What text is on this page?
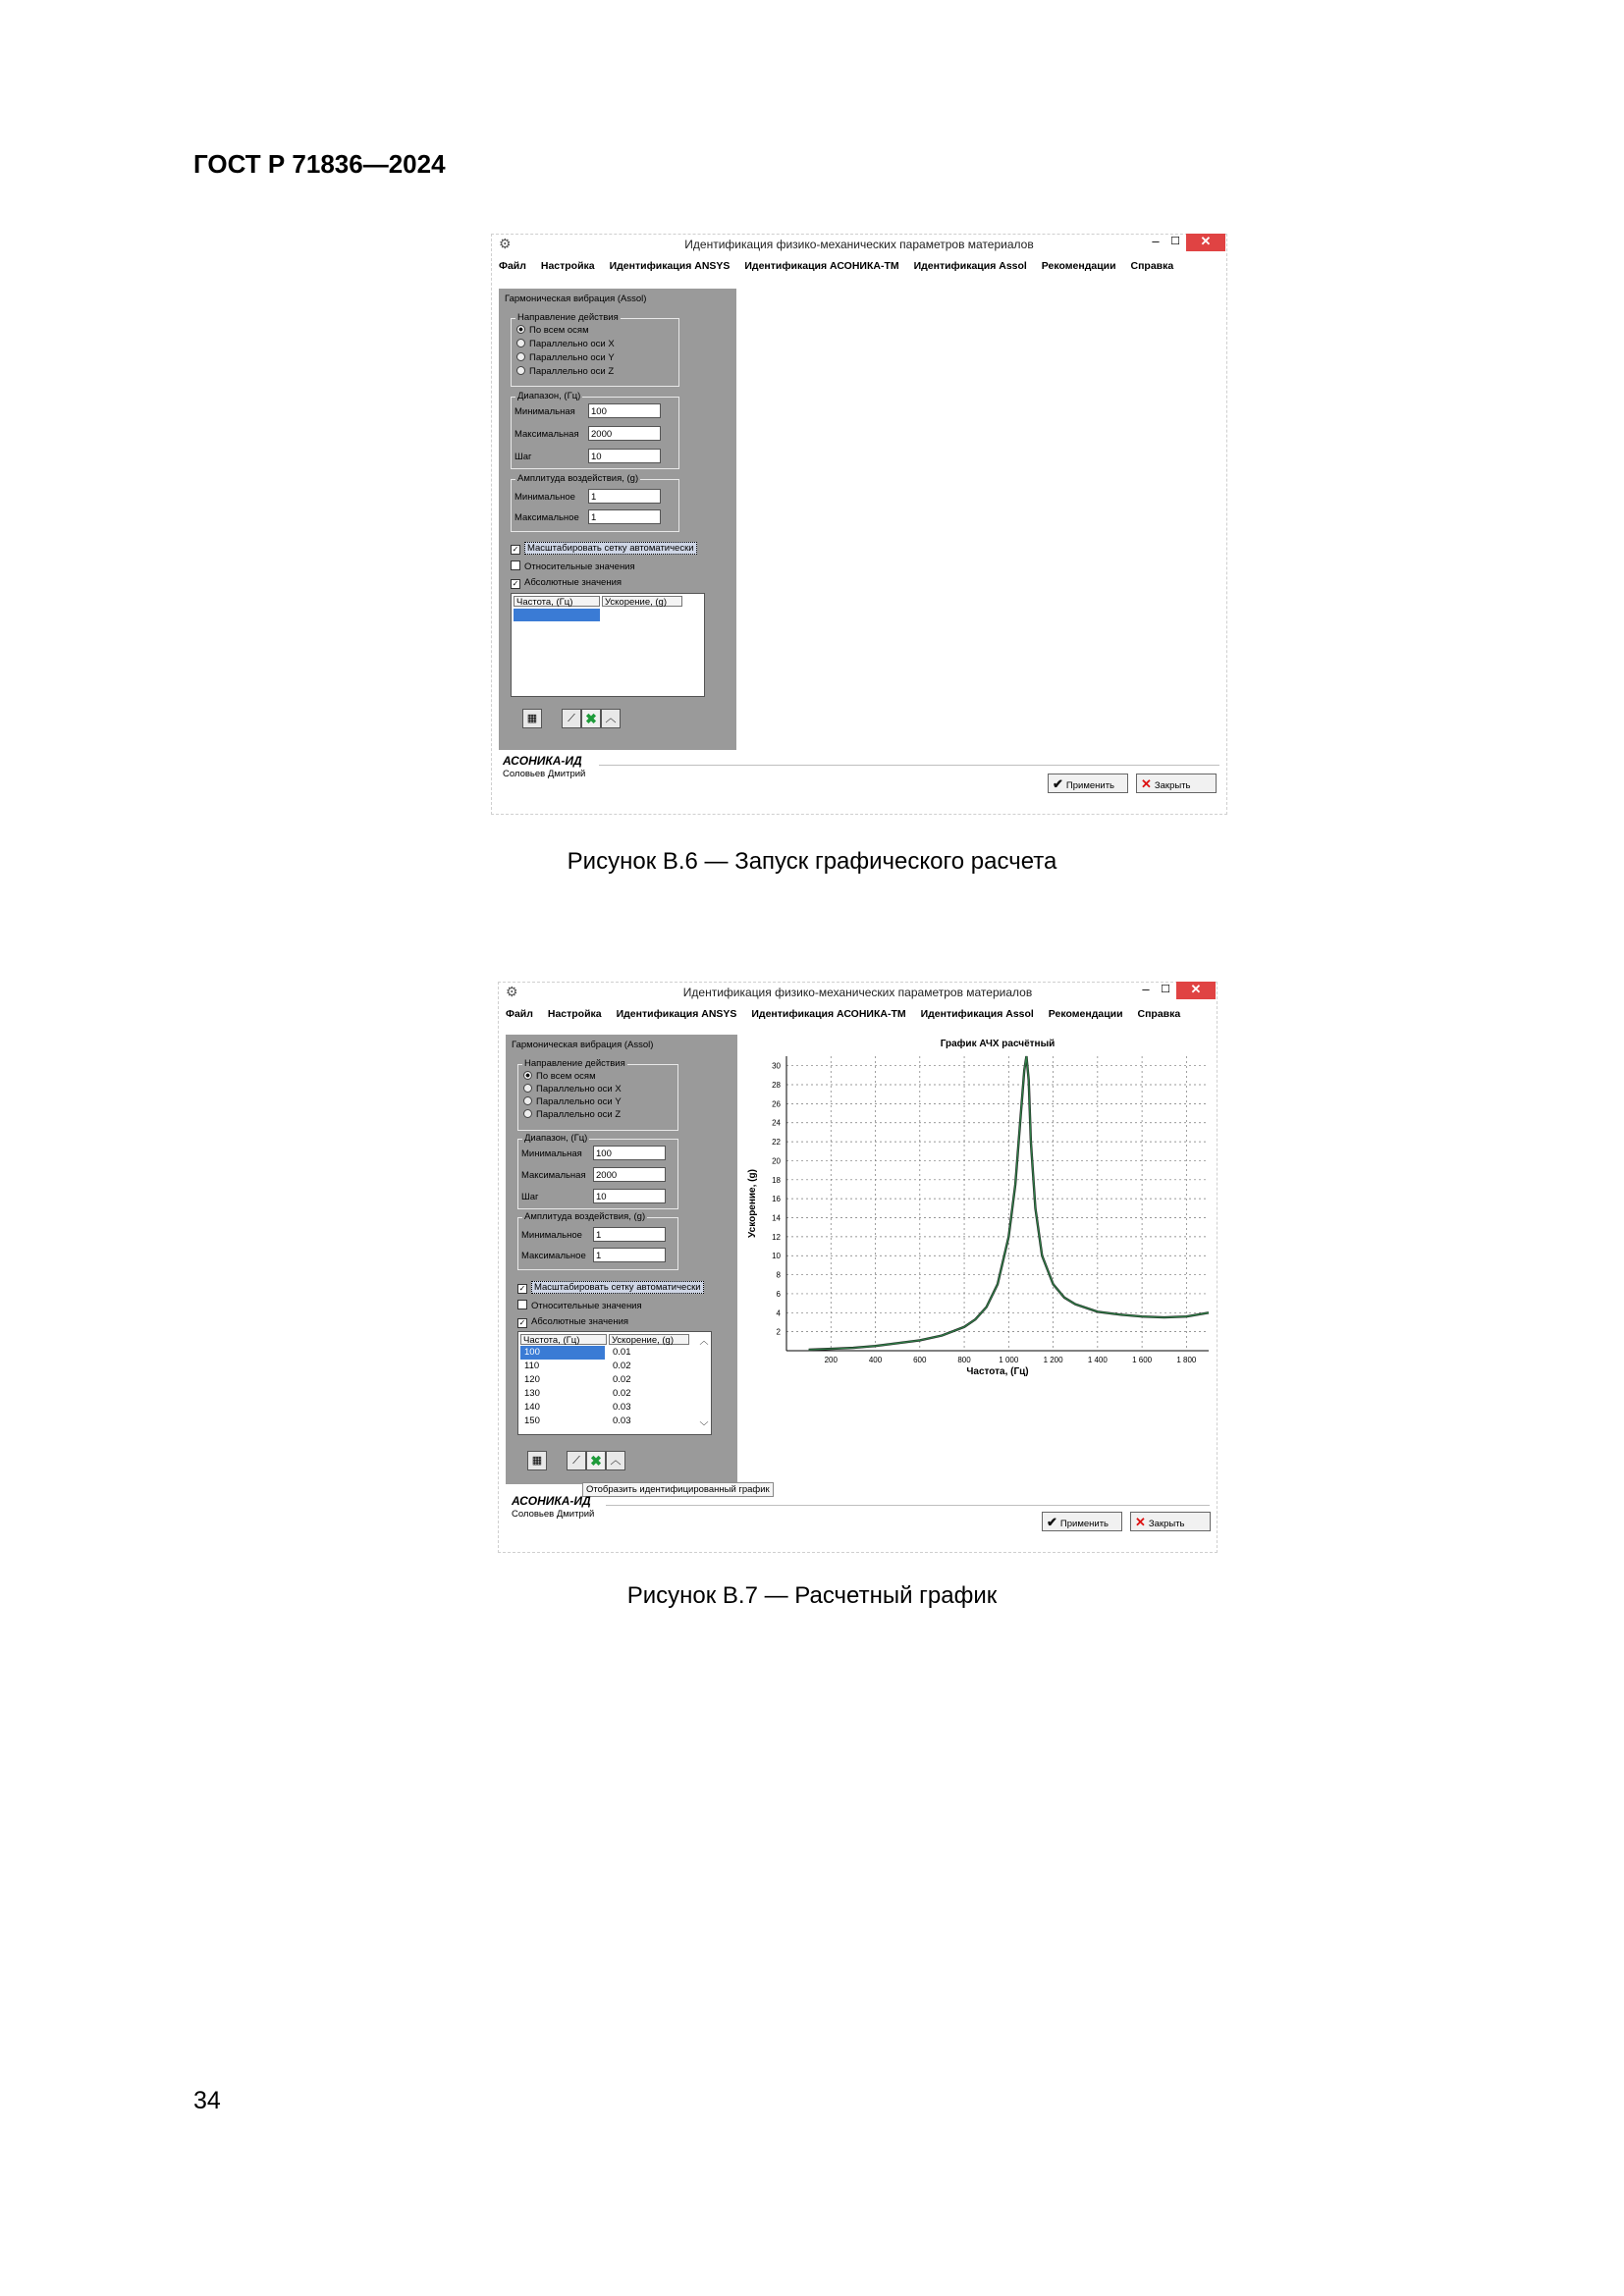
ГОСТ Р 71836—2024
⚙	Идентификация физико-механических параметров материалов	–	☐	✕
Файл Настройка Идентификация ANSYS Идентификация АСОНИКА-ТМ Идентификация Assol Рекомендации Справка
Гармоническая вибрация (Assol)
Направление действия
По всем осям
Параллельно оси X
Параллельно оси Y
Параллельно оси Z
Диапазон, (Гц)
Минимальная	100
Максимальная	2000
Шаг	10
Амплитуда воздействия, (g)
Минимальное	1
Максимальное	1
✓ Масштабировать сетку автоматически
Относительные значения
✓ Абсолютные значения
Частота, (Гц)	Ускорение, (g)
▦	⟋ ✖ ︿
АСОНИКА-ИД
Соловьев Дмитрий
✔ Применить	✕ Закрыть
Рисунок В.6 — Запуск графического расчета
⚙	Идентификация физико-механических параметров материалов	–	☐	✕
Файл Настройка Идентификация ANSYS Идентификация АСОНИКА-ТМ Идентификация Assol Рекомендации Справка
Гармоническая вибрация (Assol)
Направление действия
По всем осям
Параллельно оси X
Параллельно оси Y
Параллельно оси Z
Диапазон, (Гц)
Минимальная	100
Максимальная	2000
Шаг	10
Амплитуда воздействия, (g)
Минимальное	1
Максимальное	1
✓ Масштабировать сетку автоматически
Относительные значения
✓ Абсолютные значения
Частота, (Гц)	Ускорение, (g)
100	0.01
110	0.02
120	0.02
130	0.02
140	0.03
150	0.03
︿
﹀
▦	⟋ ✖ ︿
Отобразить идентифицированный график
График АЧХ расчётный
2
4
6
8
10
12
14
16
18
20
22
24
26
28
30
200	400	600	800	1 000	1 200	1 400	1 600	1 800
Частота, (Гц)
Ускорение, (g)
АСОНИКА-ИД
Соловьев Дмитрий
✔ Применить	✕ Закрыть
Рисунок В.7 — Расчетный график
34
